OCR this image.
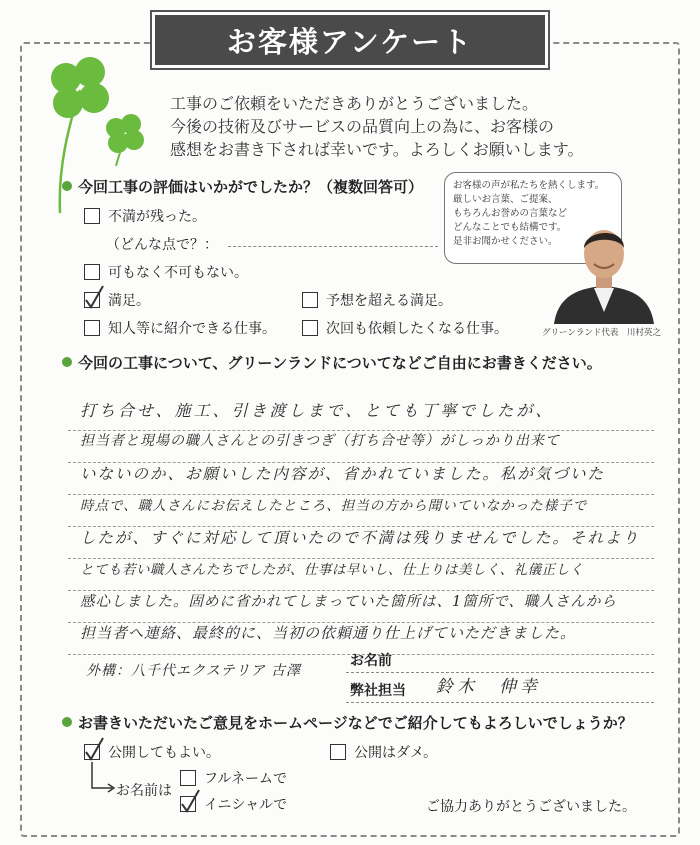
お客様アンケート
工事のご依頼をいただきありがとうございました。
今後の技術及びサービスの品質向上の為に、お客様の
感想をお書き下されば幸いです。よろしくお願いします。
今回工事の評価はいかがでしたか？（複数回答可）
不満が残った。
（どんな点で？：
可もなく不可もない。
満足。	予想を超える満足。
知人等に紹介できる仕事。	次回も依頼したくなる仕事。
お客様の声が私たちを熱くします。
厳しいお言葉、ご提案、
もちろんお誉めの言葉など
どんなことでも結構です。
是非お聞かせください。
グリーンランド代表　川村英之
今回の工事について、グリーンランドについてなどご自由にお書きください。
打ち合せ、施工、引き渡しまで、とても丁寧でしたが、
担当者と現場の職人さんとの引きつぎ（打ち合せ等）がしっかり出来て
いないのか、お願いした内容が、省かれていました。私が気づいた
時点で、職人さんにお伝えしたところ、担当の方から聞いていなかった様子で
したが、すぐに対応して頂いたので不満は残りませんでした。それより
とても若い職人さんたちでしたが、仕事は早いし、仕上りは美しく、礼儀正しく
感心しました。固めに省かれてしまっていた箇所は、1箇所で、職人さんから
担当者へ連絡、最終的に、当初の依頼通り仕上げていただきました。
外構：八千代エクステリア 古澤
お名前
弊社担当 鈴木　伸幸
お書きいただいたご意見をホームページなどでご紹介してもよろしいでしょうか？
公開してもよい。	公開はダメ。
お名前は
フルネームで
イニシャルで	ご協力ありがとうございました。
